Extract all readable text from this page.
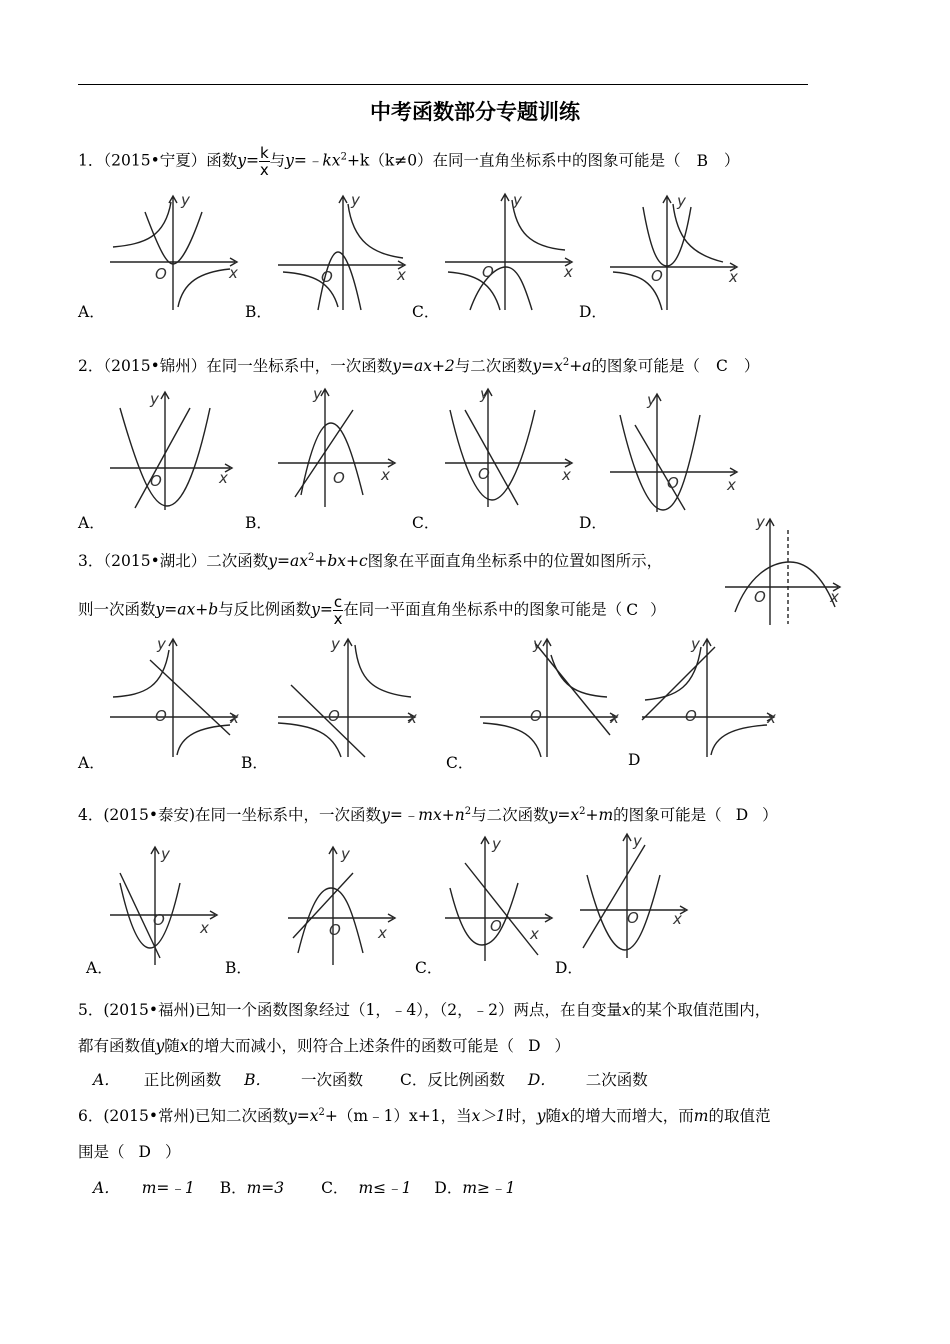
中考函数部分专题训练
1．（2015•宁夏）函数$y= \frac{k}{x}$ 与$y=﹣kx^2+k(k\ne 0)$在同一直角坐标系中的图象可能是（ B ）
y
x
O
y
x
O
y
x
O
y
x
O
A．	B．	C．	D．
2．（2015•锦州）在同一坐标系中，一次函数y=ax+2与二次函数$y=x^2+a$的图象可能是（ C ）
y
x
O
y
x
O
y
x
O
y
x
O
A．	B．	C．	D．
3．（2015•湖北）二次函数$y=ax^2+bx+c$图象在平面直角坐标系中的位置如图所示，
则一次函数y=ax+b与反比例函数$y= \frac{c}{x}$ 在同一平面直角坐标系中的图象可能是（ C ）
y
x
O
y
x
O
y
x
O
y
x
O
y
x
O
A．	B．	C．	D
4．(2015•泰安)在同一坐标系中，一次函数$y=﹣mx+n^2$与二次函数$y=x^2+m$的图象可能是（ D ）
y
x
O
y
x
O
y
x
O
y
x
O
A．	B．	C．	D．
5．(2015•福州)已知一个函数图象经过（1，﹣4），（2，﹣2）两点，在自变量x的某个取值范围内，
都有函数值y随x的增大而减小，则符合上述条件的函数可能是（ D ）
A． 正比例函数 B． 一次函数 C．反比例函数 D． 二次函数
6．(2015•常州)已知二次函数$y=x^2+(m﹣1)x+1$，当x＞1时，y随x的增大而增大，而m的取值范
围是（ D ）
A． m=﹣1 B．m=3 C． m≤﹣1 D．m≥﹣1
